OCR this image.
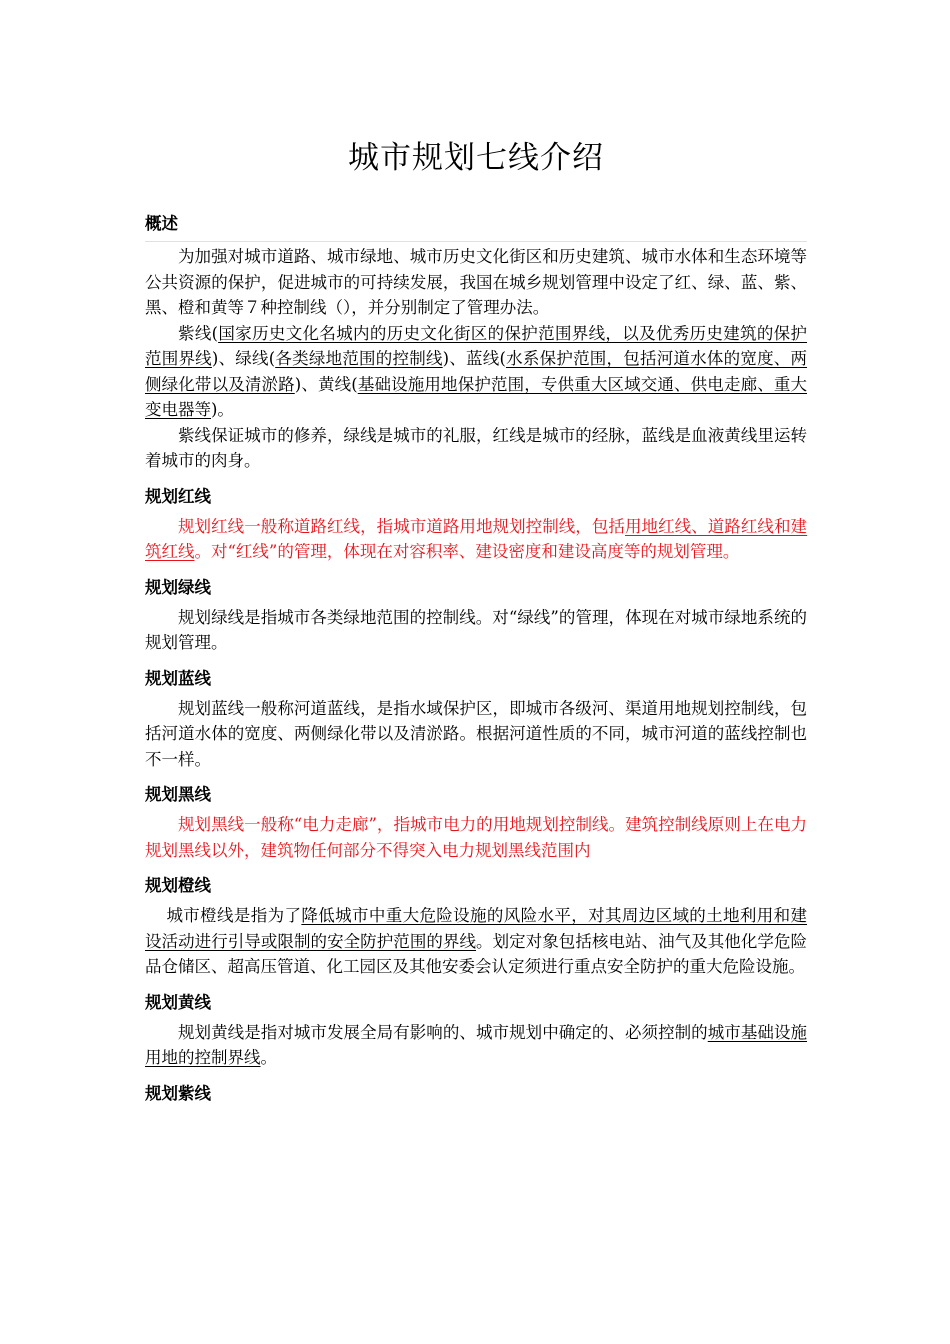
城市规划七线介绍
概述

为加强对城市道路、城市绿地、城市历史文化街区和历史建筑、城市水体和生态环境等公共资源的保护，促进城市的可持续发展，我国在城乡规划管理中设定了红、绿、蓝、紫、黑、橙和黄等７种控制线（），并分别制定了管理办法。

紫线(国家历史文化名城内的历史文化街区的保护范围界线，以及优秀历史建筑的保护范围界线)、绿线(各类绿地范围的控制线)、蓝线(水系保护范围，包括河道水体的宽度、两侧绿化带以及清淤路)、黄线(基础设施用地保护范围，专供重大区域交通、供电走廊、重大变电器等)。

紫线保证城市的修养，绿线是城市的礼服，红线是城市的经脉，蓝线是血液黄线里运转着城市的肉身。

规划红线

规划红线一般称道路红线，指城市道路用地规划控制线，包括用地红线、道路红线和建筑红线。对“红线”的管理，体现在对容积率、建设密度和建设高度等的规划管理。

规划绿线

规划绿线是指城市各类绿地范围的控制线。对“绿线”的管理，体现在对城市绿地系统的规划管理。

规划蓝线

规划蓝线一般称河道蓝线，是指水域保护区，即城市各级河、渠道用地规划控制线，包括河道水体的宽度、两侧绿化带以及清淤路。根据河道性质的不同，城市河道的蓝线控制也不一样。

规划黑线

规划黑线一般称“电力走廊”，指城市电力的用地规划控制线。建筑控制线原则上在电力规划黑线以外，建筑物任何部分不得突入电力规划黑线范围内

规划橙线

城市橙线是指为了降低城市中重大危险设施的风险水平，对其周边区域的土地利用和建设活动进行引导或限制的安全防护范围的界线。划定对象包括核电站、油气及其他化学危险品仓储区、超高压管道、化工园区及其他安委会认定须进行重点安全防护的重大危险设施。

规划黄线

规划黄线是指对城市发展全局有影响的、城市规划中确定的、必须控制的城市基础设施用地的控制界线。

规划紫线
